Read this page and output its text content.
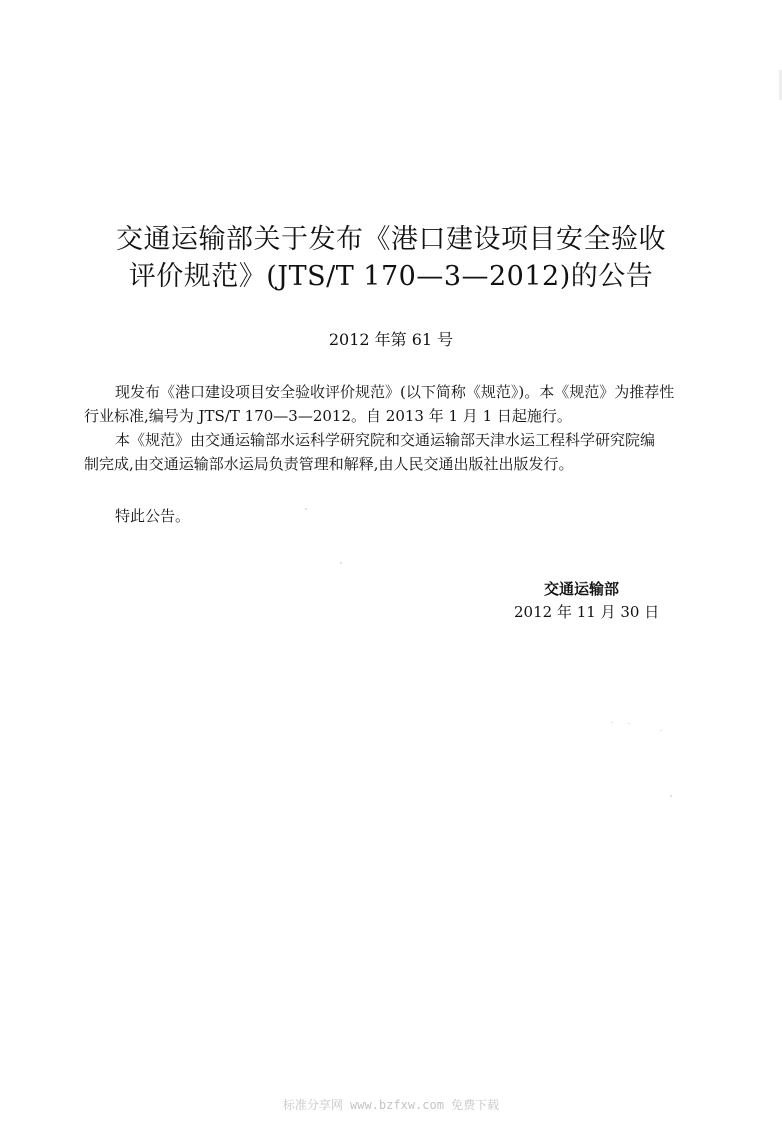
交通运输部关于发布《港口建设项目安全验收
评价规范》(JTS/T 170—3—2012)的公告
2012 年第 61 号
现发布《港口建设项目安全验收评价规范》(以下简称《规范》)。本《规范》为推荐性
行业标准,编号为 JTS/T 170—3—2012。自 2013 年 1 月 1 日起施行。
本《规范》由交通运输部水运科学研究院和交通运输部天津水运工程科学研究院编
制完成,由交通运输部水运局负责管理和解释,由人民交通出版社出版发行。
特此公告。
交通运输部
2012 年 11 月 30 日
标准分享网 www.bzfxw.com 免费下载
